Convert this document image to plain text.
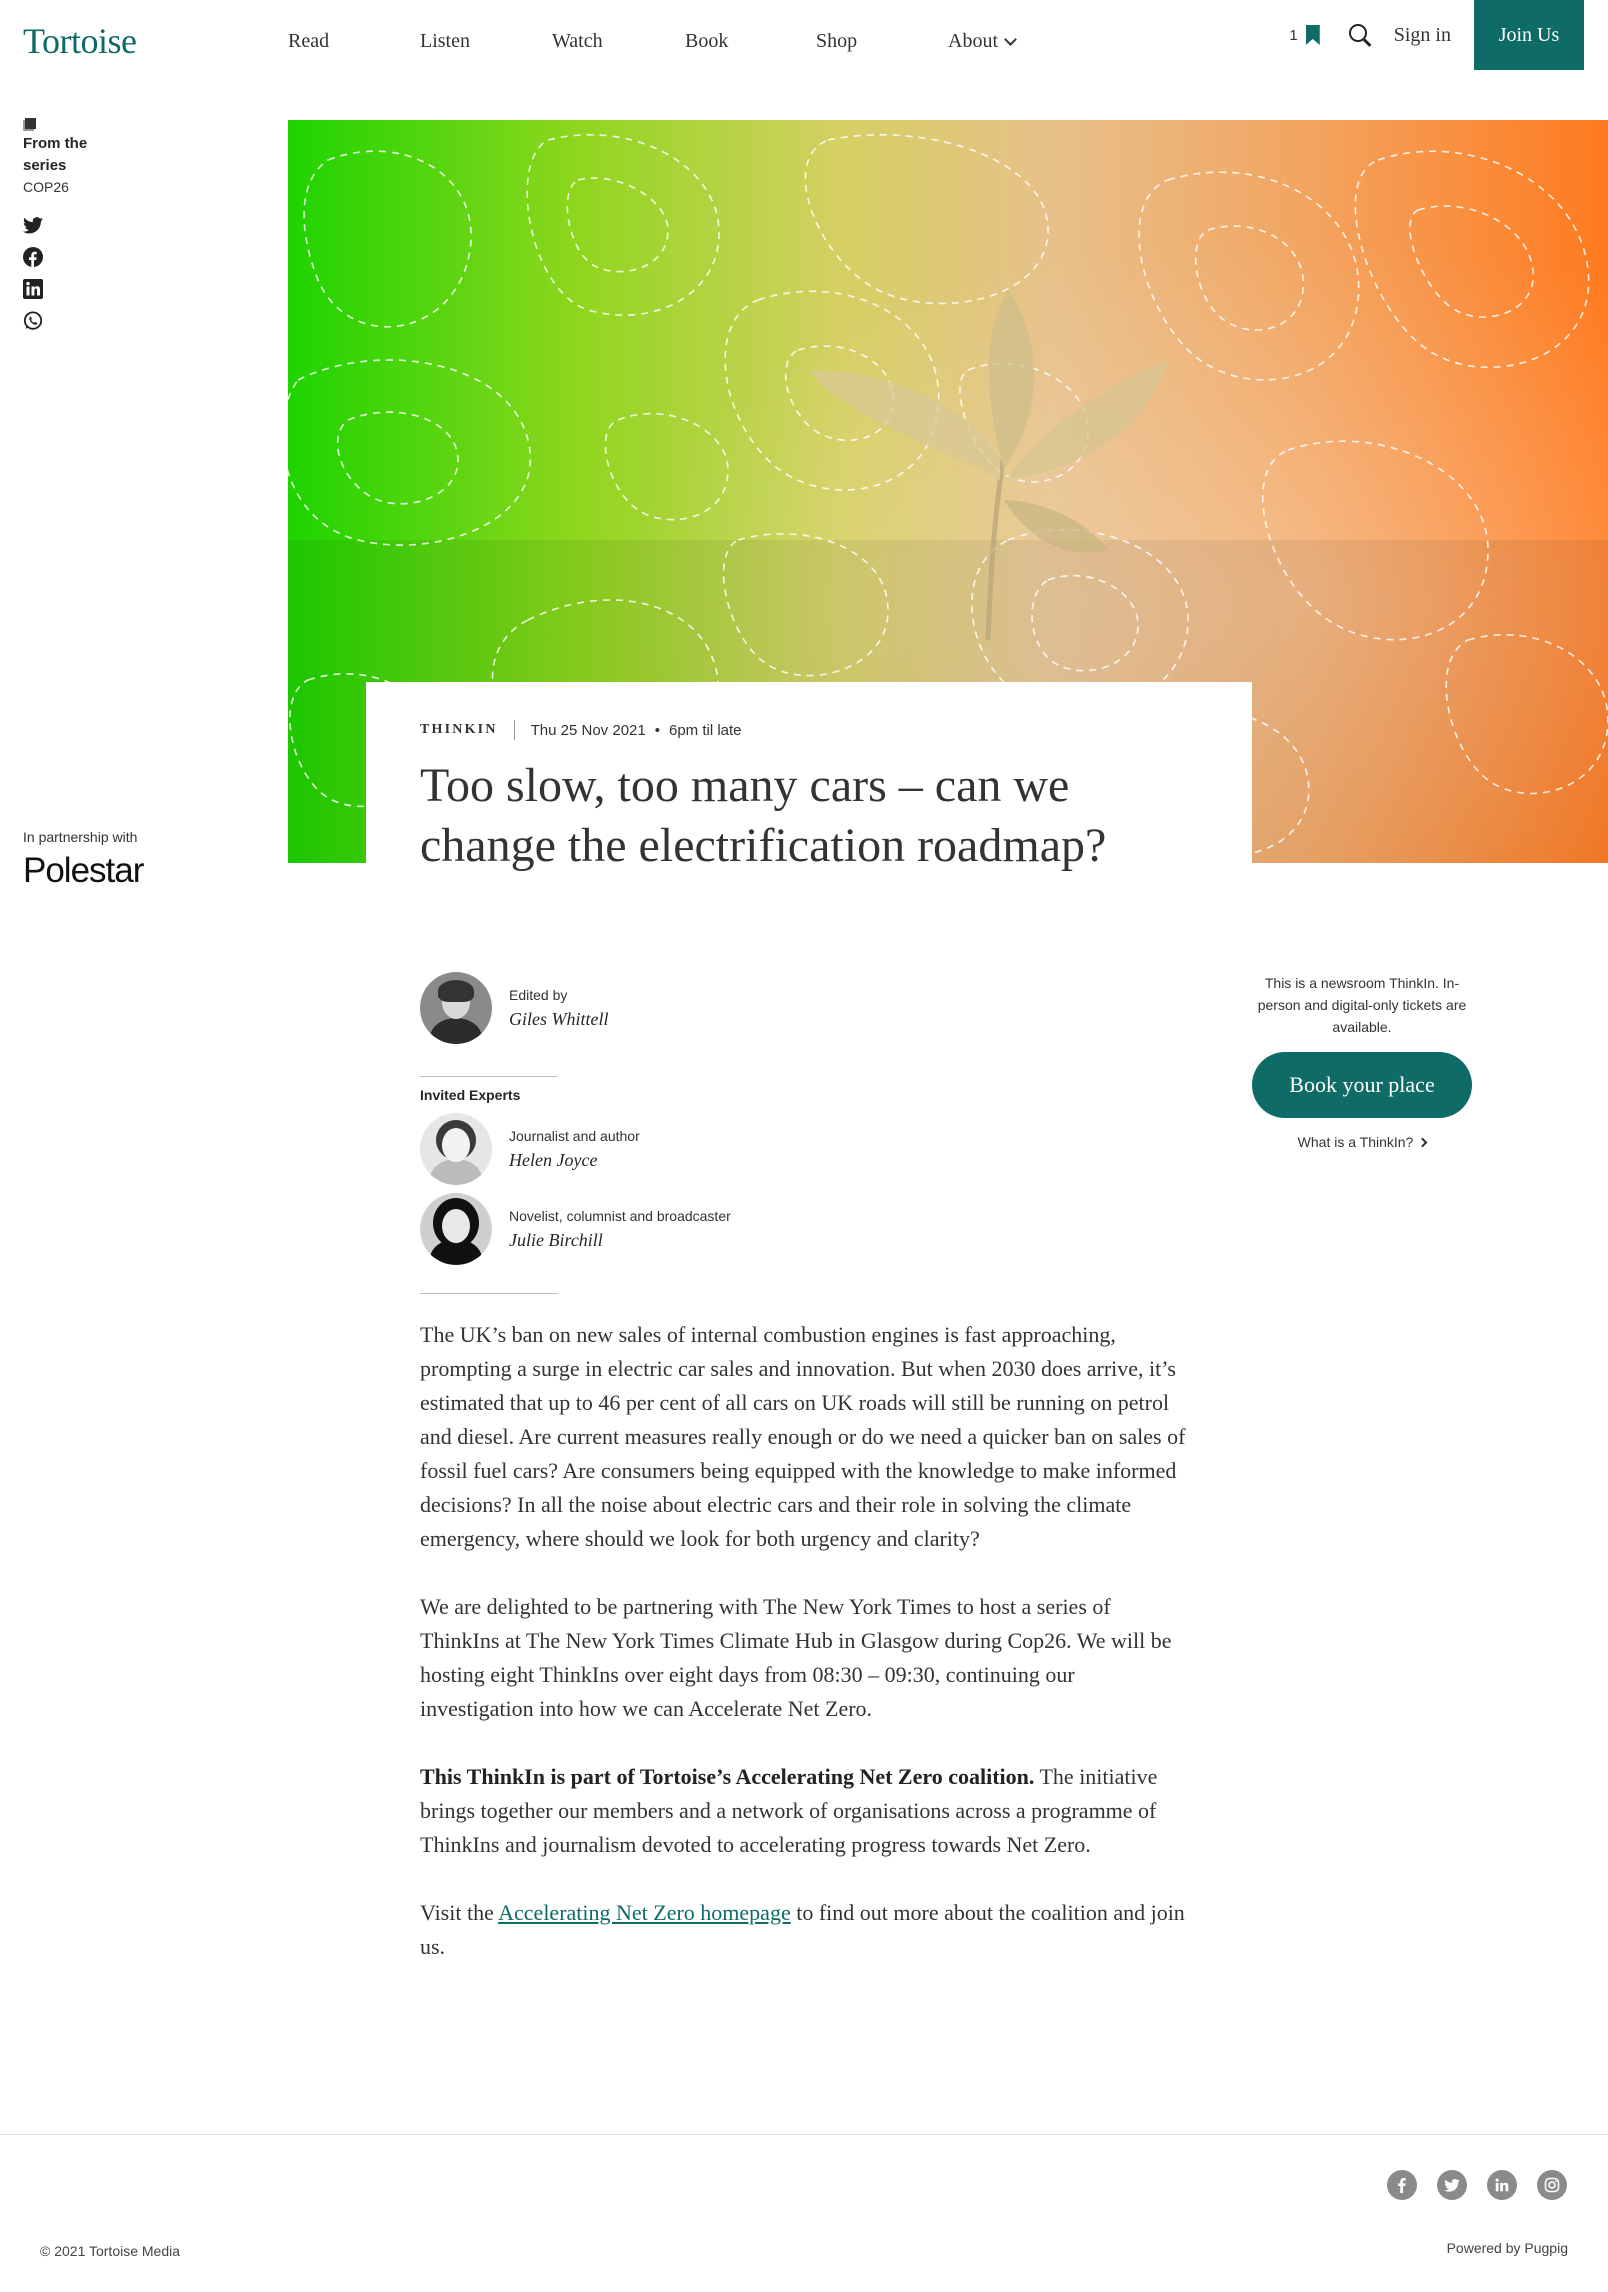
Tortoise	Read	Listen	Watch	Book	Shop	About	1	Sign in	Join Us
From the series
COP26
In partnership with
Polestar
THINKIN Thu 25 Nov 2021 • 6pm til late
Too slow, too many cars – can we change the electrification roadmap?
Edited by
Giles Whittell
Invited Experts
Journalist and author
Helen Joyce
Novelist, columnist and broadcaster
Julie Birchill
This is a newsroom ThinkIn. In-person and digital-only tickets are available.
Book your place
What is a ThinkIn?

The UK’s ban on new sales of internal combustion engines is fast approaching, prompting a surge in electric car sales and innovation. But when 2030 does arrive, it’s estimated that up to 46 per cent of all cars on UK roads will still be running on petrol and diesel. Are current measures really enough or do we need a quicker ban on sales of fossil fuel cars? Are consumers being equipped with the knowledge to make informed decisions? In all the noise about electric cars and their role in solving the climate emergency, where should we look for both urgency and clarity?

We are delighted to be partnering with The New York Times to host a series of ThinkIns at The New York Times Climate Hub in Glasgow during Cop26. We will be hosting eight ThinkIns over eight days from 08:30 – 09:30, continuing our investigation into how we can Accelerate Net Zero.

This ThinkIn is part of Tortoise’s Accelerating Net Zero coalition. The initiative brings together our members and a network of organisations across a programme of ThinkIns and journalism devoted to accelerating progress towards Net Zero.

Visit the Accelerating Net Zero homepage to find out more about the coalition and join us.

© 2021 Tortoise Media	Powered by Pugpig
